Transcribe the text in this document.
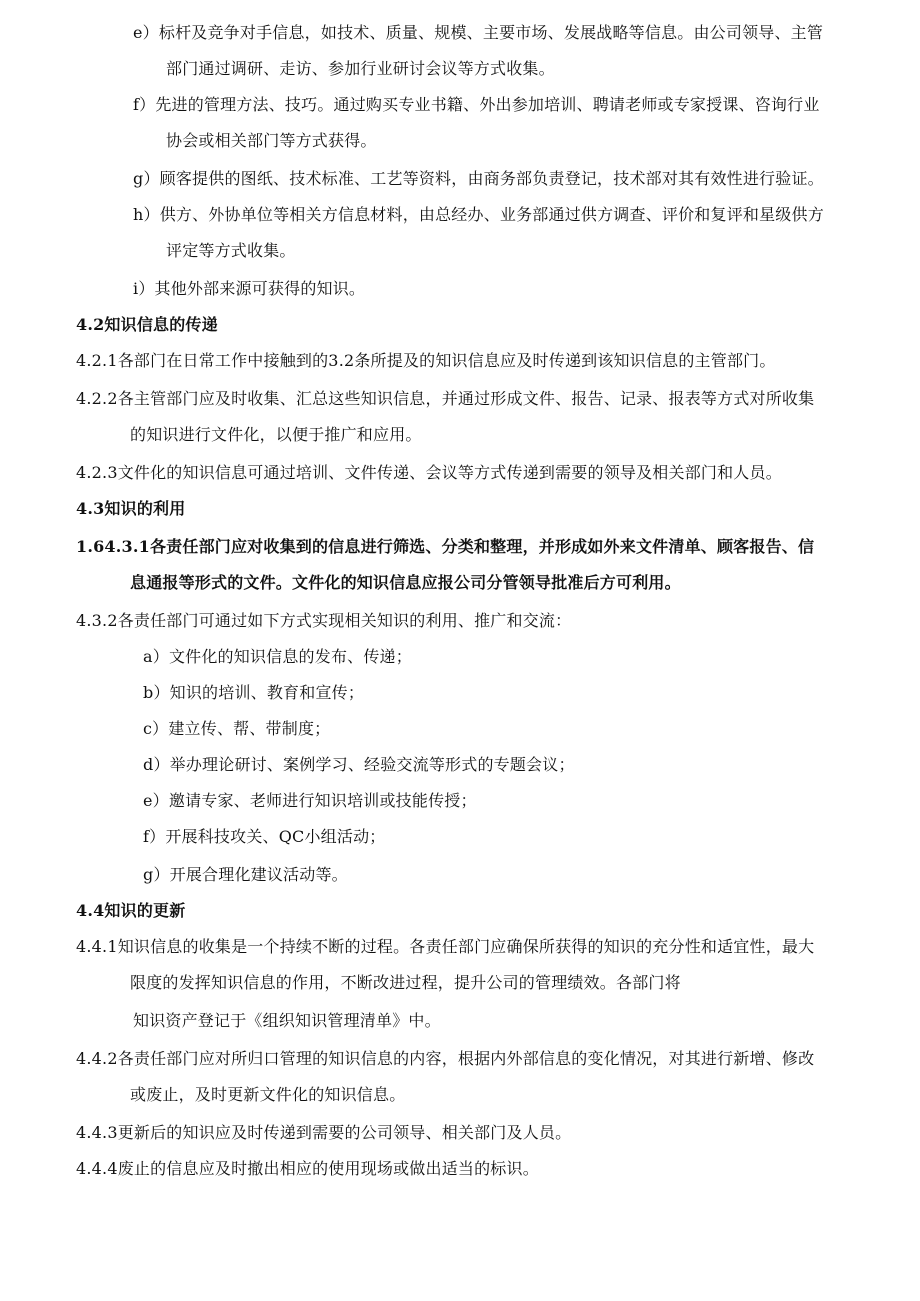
e）标杆及竞争对手信息，如技术、质量、规模、主要市场、发展战略等信息。由公司领导、主管
部门通过调研、走访、参加行业研讨会议等方式收集。
f）先进的管理方法、技巧。通过购买专业书籍、外出参加培训、聘请老师或专家授课、咨询行业
协会或相关部门等方式获得。
g）顾客提供的图纸、技术标准、工艺等资料，由商务部负责登记，技术部对其有效性进行验证。
h）供方、外协单位等相关方信息材料，由总经办、业务部通过供方调查、评价和复评和星级供方
评定等方式收集。
i）其他外部来源可获得的知识。
4.2知识信息的传递
4.2.1各部门在日常工作中接触到的3.2条所提及的知识信息应及时传递到该知识信息的主管部门。
4.2.2各主管部门应及时收集、汇总这些知识信息，并通过形成文件、报告、记录、报表等方式对所收集
的知识进行文件化，以便于推广和应用。
4.2.3文件化的知识信息可通过培训、文件传递、会议等方式传递到需要的领导及相关部门和人员。
4.3知识的利用
1.64.3.1各责任部门应对收集到的信息进行筛选、分类和整理，并形成如外来文件清单、顾客报告、信
息通报等形式的文件。文件化的知识信息应报公司分管领导批准后方可利用。
4.3.2各责任部门可通过如下方式实现相关知识的利用、推广和交流：
a）文件化的知识信息的发布、传递；
b）知识的培训、教育和宣传；
c）建立传、帮、带制度；
d）举办理论研讨、案例学习、经验交流等形式的专题会议；
e）邀请专家、老师进行知识培训或技能传授；
f）开展科技攻关、QC小组活动；
g）开展合理化建议活动等。
4.4知识的更新
4.4.1知识信息的收集是一个持续不断的过程。各责任部门应确保所获得的知识的充分性和适宜性，最大
限度的发挥知识信息的作用，不断改进过程，提升公司的管理绩效。各部门将
知识资产登记于《组织知识管理清单》中。
4.4.2各责任部门应对所归口管理的知识信息的内容，根据内外部信息的变化情况，对其进行新增、修改
或废止，及时更新文件化的知识信息。
4.4.3更新后的知识应及时传递到需要的公司领导、相关部门及人员。
4.4.4废止的信息应及时撤出相应的使用现场或做出适当的标识。
